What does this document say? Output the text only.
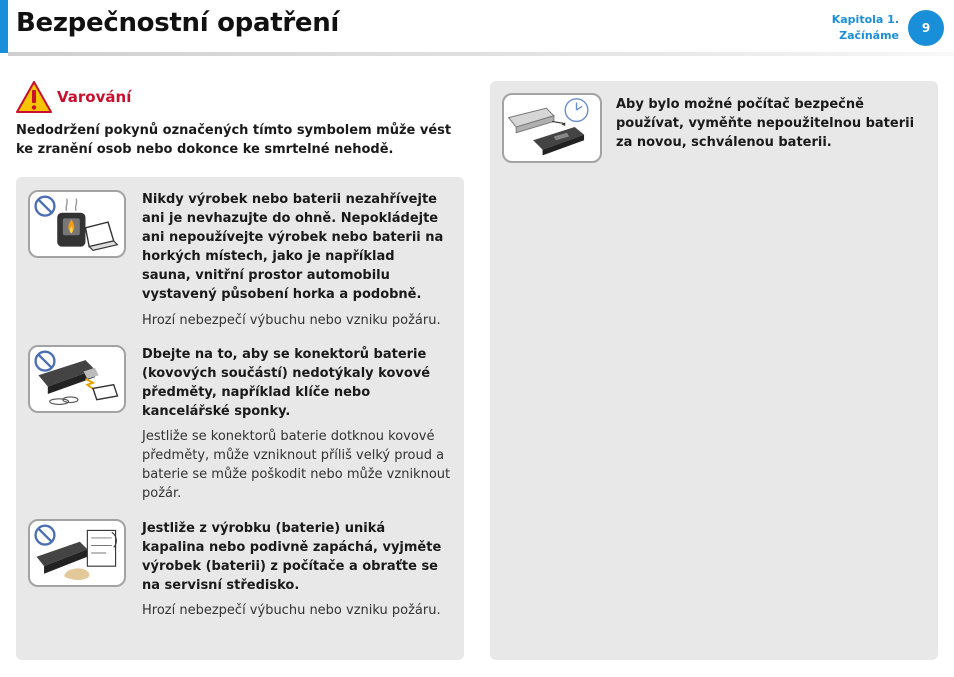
Bezpečnostní opatření	Kapitola 1.
Začínáme
9
Varování
Nedodržení pokynů označených tímto symbolem může vést ke zranění osob nebo dokonce ke smrtelné nehodě.
Nikdy výrobek nebo baterii nezahřívejte ani je nevhazujte do ohně. Nepokládejte ani nepoužívejte výrobek nebo baterii na horkých místech, jako je například sauna, vnitřní prostor automobilu vystavený působení horka a podobně.
Hrozí nebezpečí výbuchu nebo vzniku požáru.
Dbejte na to, aby se konektorů baterie (kovových součástí) nedotýkaly kovové předměty, například klíče nebo kancelářské sponky.
Jestliže se konektorů baterie dotknou kovové předměty, může vzniknout příliš velký proud a baterie se může poškodit nebo může vzniknout požár.
Jestliže z výrobku (baterie) uniká kapalina nebo podivně zapáchá, vyjměte výrobek (baterii) z počítače a obraťte se na servisní středisko.
Hrozí nebezpečí výbuchu nebo vzniku požáru.
Aby bylo možné počítač bezpečně používat, vyměňte nepoužitelnou baterii za novou, schválenou baterii.
